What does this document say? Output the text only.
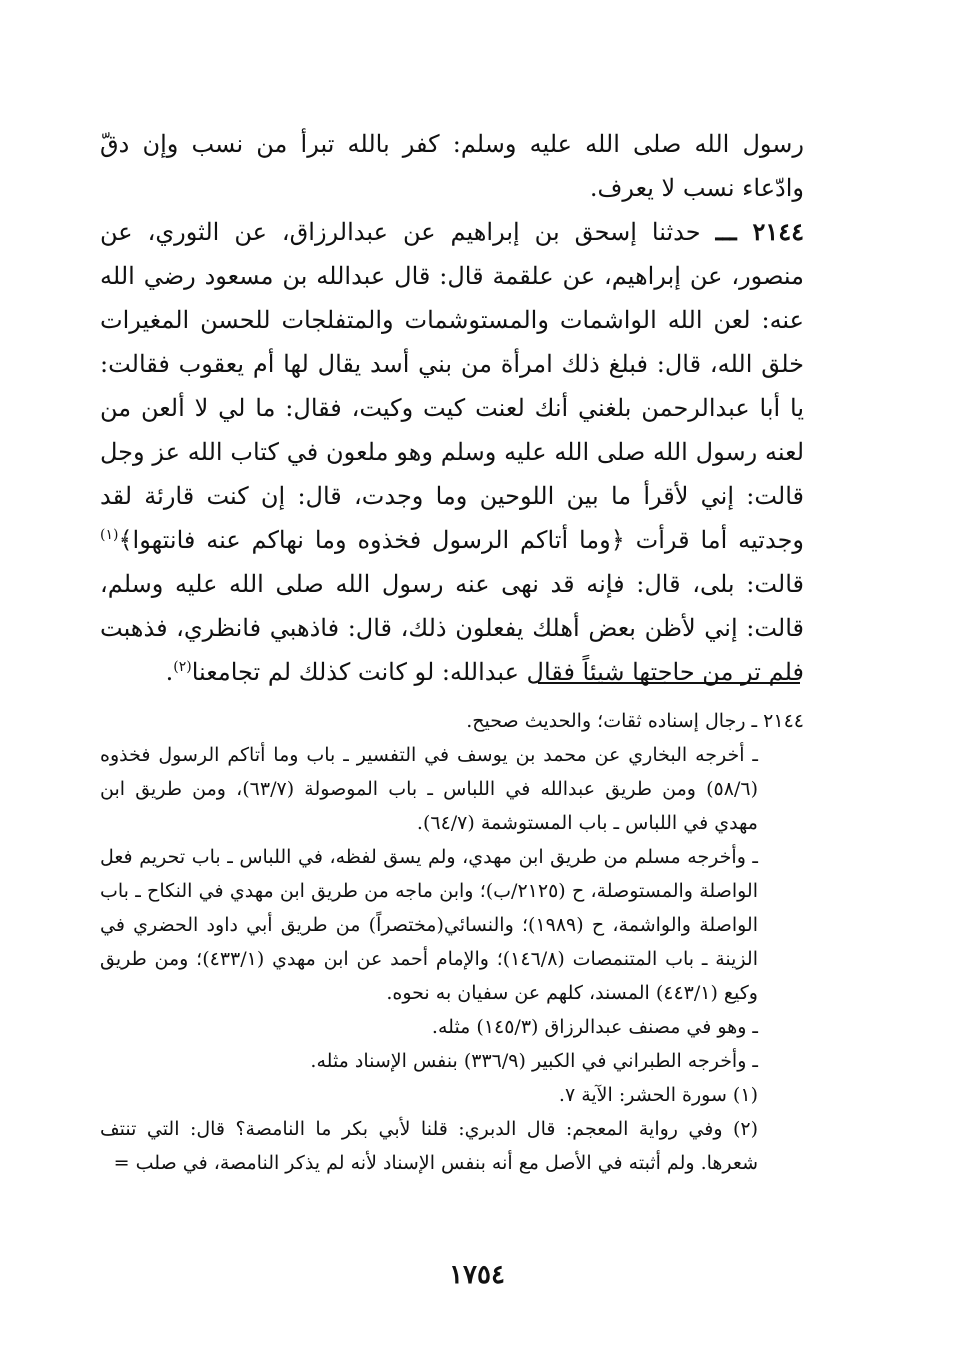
رسول الله صلى الله عليه وسلم: كفر بالله تبرأ من نسب وإن دقّ وادّعاء نسب لا يعرف.

٢١٤٤ ـــ حدثنا إسحق بن إبراهيم عن عبدالرزاق، عن الثوري، عن منصور، عن إبراهيم، عن علقمة قال: قال عبدالله بن مسعود رضي الله عنه: لعن الله الواشمات والمستوشمات والمتفلجات للحسن المغيرات خلق الله، قال: فبلغ ذلك امرأة من بني أسد يقال لها أم يعقوب فقالت: يا أبا عبدالرحمن بلغني أنك لعنت كيت وكيت، فقال: ما لي لا ألعن من لعنه رسول الله صلى الله عليه وسلم وهو ملعون في كتاب الله عز وجل قالت: إني لأقرأ ما بين اللوحين وما وجدت، قال: إن كنت قارئة لقد وجدتيه أما قرأت ﴿وما أتاكم الرسول فخذوه وما نهاكم عنه فانتهوا﴾$^{(١)}$ قالت: بلى، قال: فإنه قد نهى عنه رسول الله صلى الله عليه وسلم، قالت: إني لأظن بعض أهلك يفعلون ذلك، قال: فاذهبي فانظري، فذهبت فلم تر من حاجتها شيئاً فقال عبدالله: لو كانت كذلك لم تجامعنا$^{(٢)}$.

٢١٤٤ ـ رجال إسناده ثقات؛ والحديث صحيح.

ـ أخرجه البخاري عن محمد بن يوسف في التفسير ـ باب وما أتاكم الرسول فخذوه (٥٨/٦) ومن طريق عبدالله في اللباس ـ باب الموصولة (٦٣/٧)، ومن طريق ابن مهدي في اللباس ـ باب المستوشمة (٦٤/٧).

ـ وأخرجه مسلم من طريق ابن مهدي، ولم يسق لفظه، في اللباس ـ باب تحريم فعل الواصلة والمستوصلة، ح (٢١٢٥/ب)؛ وابن ماجه من طريق ابن مهدي في النكاح ـ باب الواصلة والواشمة، ح (١٩٨٩)؛ والنسائي(مختصراً) من طريق أبي داود الحضري في الزينة ـ باب المتنمصات (١٤٦/٨)؛ والإمام أحمد عن ابن مهدي (٤٣٣/١)؛ ومن طريق وكيع (٤٤٣/١) المسند، كلهم عن سفيان به نحوه.

ـ وهو في مصنف عبدالرزاق (١٤٥/٣) مثله.

ـ وأخرجه الطبراني في الكبير (٣٣٦/٩) بنفس الإسناد مثله.

(١) سورة الحشر: الآية ٧.

(٢) وفي رواية المعجم: قال الدبري: قلنا لأبي بكر ما النامصة؟ قال: التي تنتف شعرها. ولم أثبته في الأصل مع أنه بنفس الإسناد لأنه لم يذكر النامصة، في صلب =

١٧٥٤
